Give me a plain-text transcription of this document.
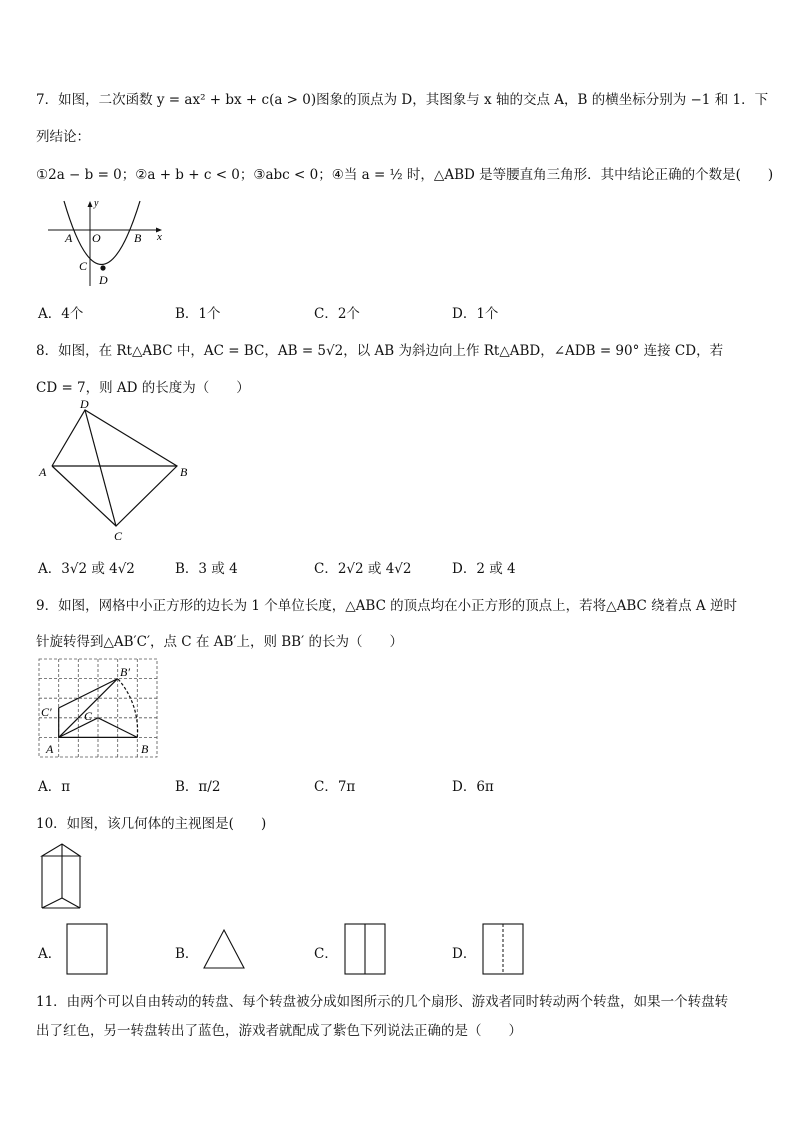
7．如图，二次函数 y = ax² + bx + c(a > 0)图象的顶点为 D，其图象与 x 轴的交点 A，B 的横坐标分别为 −1 和 1．下
列结论：
①2a − b = 0；②a + b + c < 0；③abc < 0；④当 a = ½ 时，△ABD 是等腰直角三角形．其中结论正确的个数是(　　)
y
x
A O	B
C
D
A．4个	B．1个	C．2个	D．1个
8．如图，在 Rt△ABC 中，AC = BC，AB = 5√2，以 AB 为斜边向上作 Rt△ABD，∠ADB = 90° 连接 CD，若
CD = 7，则 AD 的长度为（　　）
D
A	B
C
A．3√2 或 4√2	B．3 或 4	C．2√2 或 4√2	D．2 或 4
9．如图，网格中小正方形的边长为 1 个单位长度，△ABC 的顶点均在小正方形的顶点上，若将△ABC 绕着点 A 逆时
针旋转得到△AB′C′，点 C 在 AB′上，则 BB′ 的长为（　　）
A	B
C
C′
B′
A．π	B．π/2	C．7π	D．6π
10．如图，该几何体的主视图是(　　)
A．	B．	C．	D．
11．由两个可以自由转动的转盘、每个转盘被分成如图所示的几个扇形、游戏者同时转动两个转盘，如果一个转盘转
出了红色，另一转盘转出了蓝色，游戏者就配成了紫色下列说法正确的是（　　）
